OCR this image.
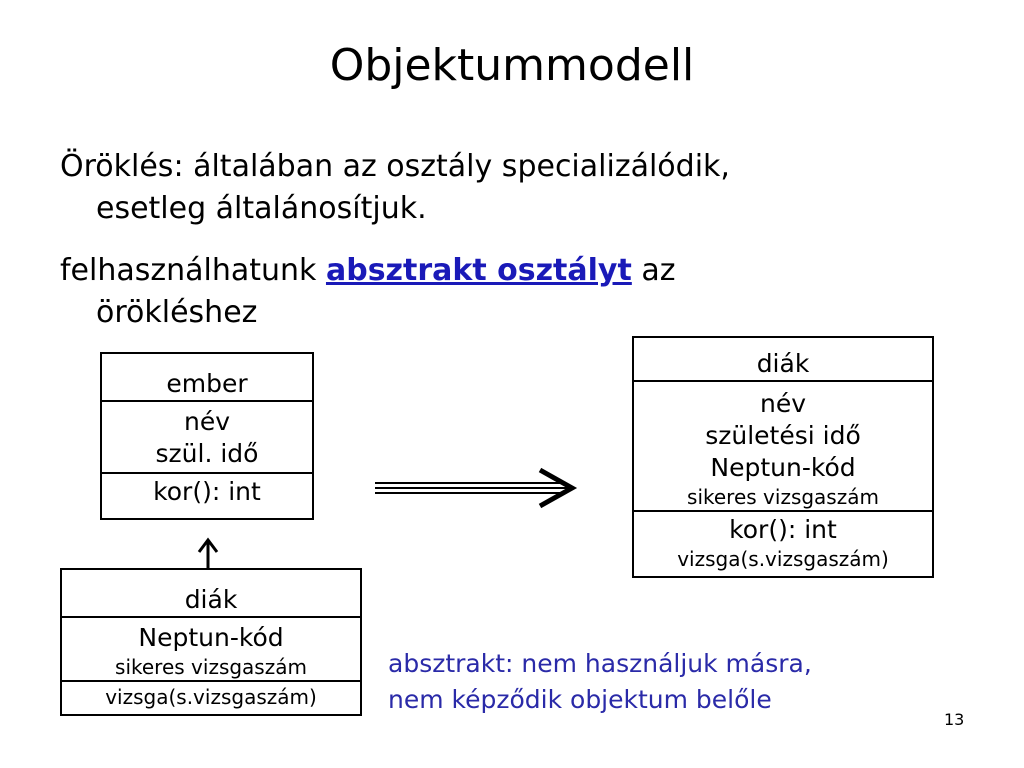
Objektummodell
Öröklés: általában az osztály specializálódik,
esetleg általánosítjuk.
felhasználhatunk absztrakt osztályt az
örökléshez
ember
név
szül. idő
kor(): int
diák
Neptun-kód
sikeres vizsgaszám
vizsga(s.vizsgaszám)
diák
név
születési idő
Neptun-kód
sikeres vizsgaszám
kor(): int
vizsga(s.vizsgaszám)
absztrakt: nem használjuk másra,
nem képződik objektum belőle
13
